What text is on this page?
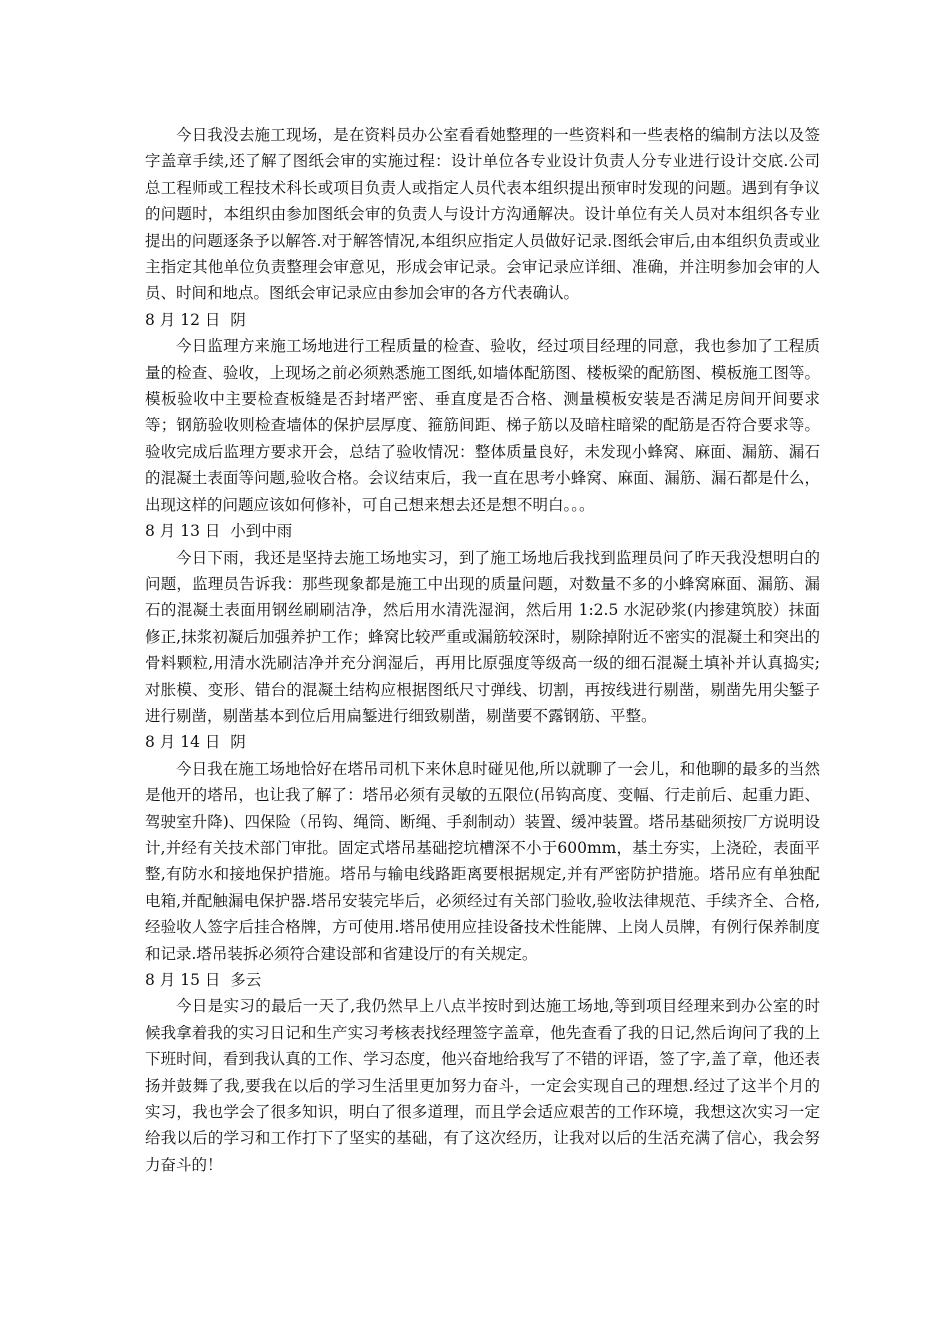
今日我没去施工现场，是在资料员办公室看看她整理的一些资料和一些表格的编制方法以及签字盖章手续,还了解了图纸会审的实施过程：设计单位各专业设计负责人分专业进行设计交底.公司总工程师或工程技术科长或项目负责人或指定人员代表本组织提出预审时发现的问题。遇到有争议的问题时，本组织由参加图纸会审的负责人与设计方沟通解决。设计单位有关人员对本组织各专业提出的问题逐条予以解答.对于解答情况,本组织应指定人员做好记录.图纸会审后,由本组织负责或业主指定其他单位负责整理会审意见，形成会审记录。会审记录应详细、准确，并注明参加会审的人员、时间和地点。图纸会审记录应由参加会审的各方代表确认。

8 月 12 日  阴

今日监理方来施工场地进行工程质量的检查、验收，经过项目经理的同意，我也参加了工程质量的检查、验收，上现场之前必须熟悉施工图纸,如墙体配筋图、楼板梁的配筋图、模板施工图等。模板验收中主要检查板缝是否封堵严密、垂直度是否合格、测量模板安装是否满足房间开间要求等；钢筋验收则检查墙体的保护层厚度、箍筋间距、梯子筋以及暗柱暗梁的配筋是否符合要求等。验收完成后监理方要求开会，总结了验收情况：整体质量良好，未发现小蜂窝、麻面、漏筋、漏石的混凝土表面等问题,验收合格。会议结束后，我一直在思考小蜂窝、麻面、漏筋、漏石都是什么，出现这样的问题应该如何修补，可自己想来想去还是想不明白。。。

8 月 13 日  小到中雨

今日下雨，我还是坚持去施工场地实习，到了施工场地后我找到监理员问了昨天我没想明白的问题，监理员告诉我：那些现象都是施工中出现的质量问题，对数量不多的小蜂窝麻面、漏筋、漏石的混凝土表面用钢丝刷刷洁净，然后用水清洗湿润，然后用 1:2.5 水泥砂浆(内掺建筑胶）抹面修正,抹浆初凝后加强养护工作；蜂窝比较严重或漏筋较深时，剔除掉附近不密实的混凝土和突出的骨料颗粒,用清水洗刷洁净并充分润湿后，再用比原强度等级高一级的细石混凝土填补并认真捣实;对胀模、变形、错台的混凝土结构应根据图纸尺寸弹线、切割，再按线进行剔凿，剔凿先用尖錾子进行剔凿，剔凿基本到位后用扁錾进行细致剔凿，剔凿要不露钢筋、平整。

8 月 14 日  阴

今日我在施工场地恰好在塔吊司机下来休息时碰见他,所以就聊了一会儿，和他聊的最多的当然是他开的塔吊，也让我了解了：塔吊必须有灵敏的五限位(吊钩高度、变幅、行走前后、起重力距、驾驶室升降)、四保险（吊钩、绳筒、断绳、手刹制动）装置、缓冲装置。塔吊基础须按厂方说明设计,并经有关技术部门审批。固定式塔吊基础挖坑槽深不小于600mm，基土夯实，上浇砼，表面平整,有防水和接地保护措施。塔吊与输电线路距离要根据规定,并有严密防护措施。塔吊应有单独配电箱,并配触漏电保护器.塔吊安装完毕后，必须经过有关部门验收,验收法律规范、手续齐全、合格,经验收人签字后挂合格牌，方可使用.塔吊使用应挂设备技术性能牌、上岗人员牌，有例行保养制度和记录.塔吊装拆必须符合建设部和省建设厅的有关规定。

8 月 15 日  多云

今日是实习的最后一天了,我仍然早上八点半按时到达施工场地,等到项目经理来到办公室的时候我拿着我的实习日记和生产实习考核表找经理签字盖章，他先查看了我的日记,然后询问了我的上下班时间，看到我认真的工作、学习态度，他兴奋地给我写了不错的评语，签了字,盖了章，他还表扬并鼓舞了我,要我在以后的学习生活里更加努力奋斗，一定会实现自己的理想.经过了这半个月的实习，我也学会了很多知识，明白了很多道理，而且学会适应艰苦的工作环境，我想这次实习一定给我以后的学习和工作打下了坚实的基础，有了这次经历，让我对以后的生活充满了信心，我会努力奋斗的！
